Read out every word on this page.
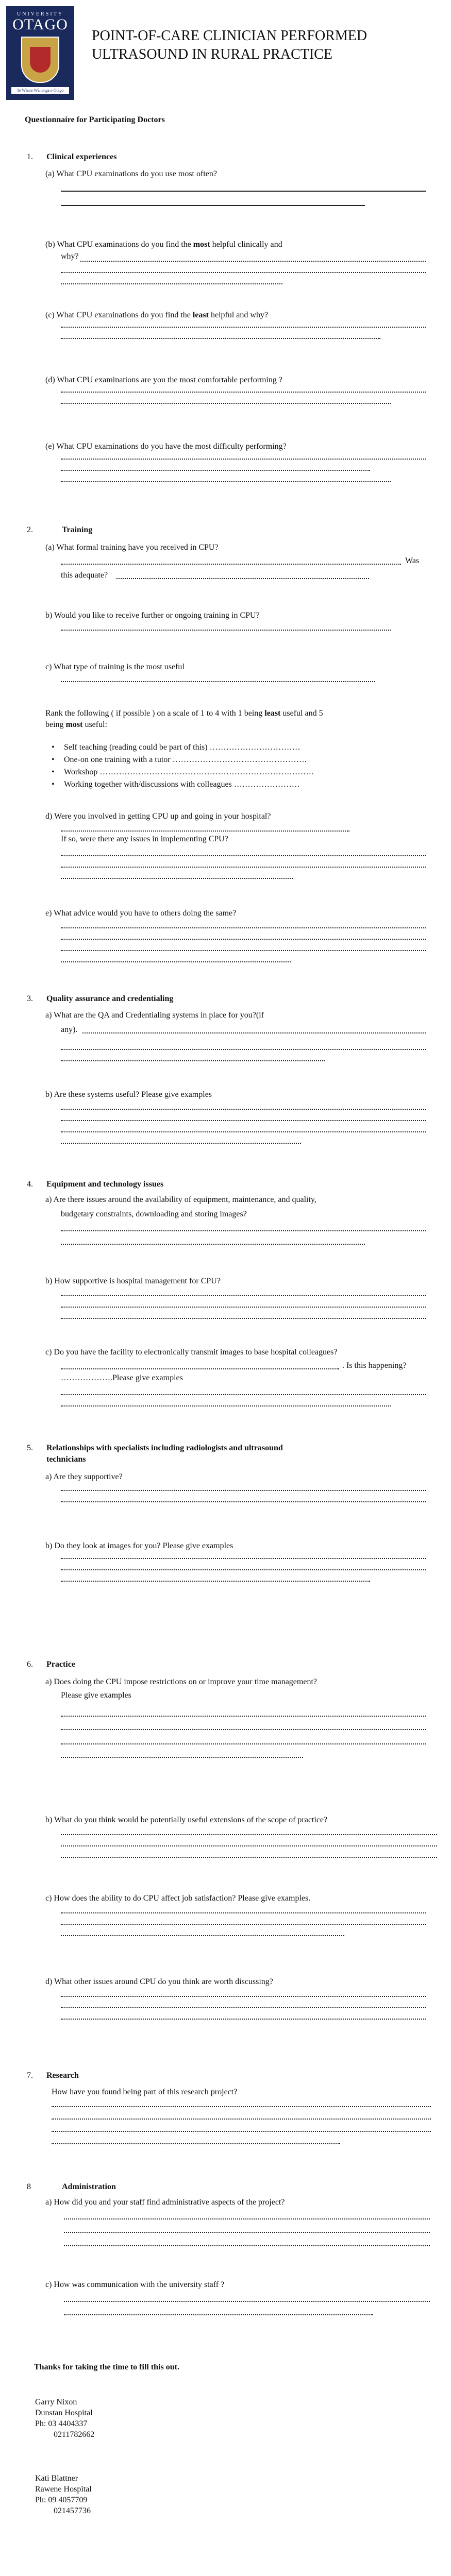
UNIVERSITY
OTAGO
Te Whare Wānanga o Otāgo
POINT-OF-CARE CLINICIAN PERFORMED
ULTRASOUND IN RURAL PRACTICE
Questionnaire for Participating Doctors
1. Clinical experiences
(a) What CPU examinations do you use most often?
(b) What CPU examinations do you find the most helpful clinically and
why?
(c) What CPU examinations do you find the least helpful and why?
(d) What CPU examinations are you the most comfortable performing ?
(e) What CPU examinations do you have the most difficulty performing?
2.	Training
(a) What formal training have you received in CPU?
Was
this adequate?
b) Would you like to receive further or ongoing training in CPU?
c) What type of training is the most useful
Rank the following ( if possible ) on a scale of 1 to 4 with 1 being least useful and 5
being most useful:
• Self teaching (reading could be part of this) ……………………………
• One-on one training with a tutor ………………………………………….
• Workshop ……………………………………………………………………
• Working together with/discussions with colleagues ……………………
d) Were you involved in getting CPU up and going in your hospital?
If so, were there any issues in implementing CPU?
e) What advice would you have to others doing the same?
3. Quality assurance and credentialing
a) What are the QA and Credentialing systems in place for you?(if
any).
b) Are these systems useful? Please give examples
4. Equipment and technology issues
a) Are there issues around the availability of equipment, maintenance, and quality,
budgetary constraints, downloading and storing images?
b) How supportive is hospital management for CPU?
c) Do you have the facility to electronically transmit images to base hospital colleagues?
. Is this happening?
……………….Please give examples
5. Relationships with specialists including radiologists and ultrasound
technicians
a) Are they supportive?
b) Do they look at images for you? Please give examples
6. Practice
a) Does doing the CPU impose restrictions on or improve your time management?
Please give examples
b) What do you think would be potentially useful extensions of the scope of practice?
c) How does the ability to do CPU affect job satisfaction? Please give examples.
d) What other issues around CPU do you think are worth discussing?
7. Research
How have you found being part of this research project?
8	Administration
a) How did you and your staff find administrative aspects of the project?
c) How was communication with the university staff ?
Thanks for taking the time to fill this out.
Garry Nixon
Dunstan Hospital
Ph: 03 4404337
0211782662
Kati Blattner
Rawene Hospital
Ph: 09 4057709
021457736
